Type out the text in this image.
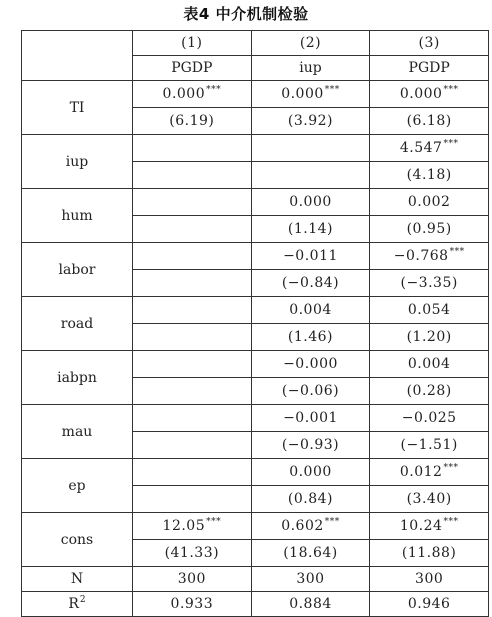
表4 中介机制检验
	(1)	(2)	(3)
	PGDP	iup	PGDP
TI	0.000***	0.000***	0.000***
	(6.19)	(3.92)	(6.18)
iup			4.547***
			(4.18)
hum		0.000	0.002
		(1.14)	(0.95)
labor		−0.011	−0.768***
		(−0.84)	(−3.35)
road		0.004	0.054
		(1.46)	(1.20)
iabpn		−0.000	0.004
		(−0.06)	(0.28)
mau		−0.001	−0.025
		(−0.93)	(−1.51)
ep		0.000	0.012***
		(0.84)	(3.40)
cons	12.05***	0.602***	10.24***
	(41.33)	(18.64)	(11.88)
N	300	300	300
$R^2$	0.933	0.884	0.946
